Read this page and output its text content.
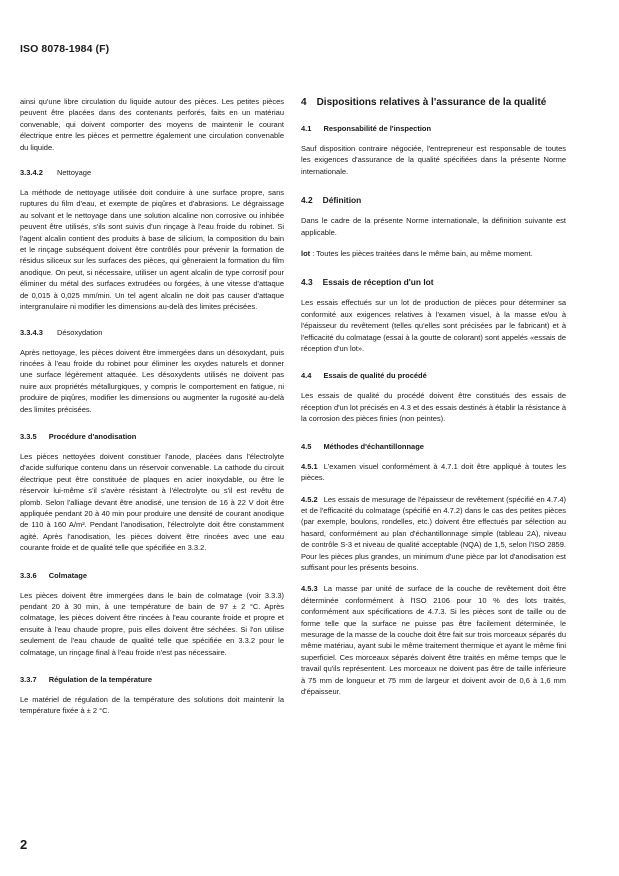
ISO 8078-1984 (F)

ainsi qu'une libre circulation du liquide autour des pièces. Les petites pièces peuvent être placées dans des contenants perforés, faits en un matériau convenable, qui doivent comporter des moyens de maintenir le courant électrique entre les pièces et permettre également une circulation convenable du liquide.

3.3.4.2 Nettoyage

La méthode de nettoyage utilisée doit conduire à une surface propre, sans ruptures du film d'eau, et exempte de piqûres et d'abrasions. Le dégraissage au solvant et le nettoyage dans une solution alcaline non corrosive ou inhibée peuvent être utilisés, s'ils sont suivis d'un rinçage à l'eau froide du robinet. Si l'agent alcalin contient des produits à base de silicium, la composition du bain et le rinçage subséquent doivent être contrôlés pour prévenir la formation de résidus siliceux sur les surfaces des pièces, qui gêneraient la formation du film anodique. On peut, si nécessaire, utiliser un agent alcalin de type corrosif pour éliminer du métal des surfaces extrudées ou forgées, à une vitesse d'attaque de 0,015 à 0,025 mm/min. Un tel agent alcalin ne doit pas causer d'attaque intergranulaire ni modifier les dimensions au-delà des limites précisées.

3.3.4.3 Désoxydation

Après nettoyage, les pièces doivent être immergées dans un désoxydant, puis rincées à l'eau froide du robinet pour éliminer les oxydes naturels et donner une surface légèrement attaquée. Les désoxydents utilisés ne doivent pas nuire aux propriétés métallurgiques, y compris le comportement en fatigue, ni produire de piqûres, modifier les dimensions ou augmenter la rugosité au-delà des limites précisées.

3.3.5 Procédure d'anodisation

Les pièces nettoyées doivent constituer l'anode, placées dans l'électrolyte d'acide sulfurique contenu dans un réservoir convenable. La cathode du circuit électrique peut être constituée de plaques en acier inoxydable, ou être le réservoir lui-même s'il s'avère résistant à l'électrolyte ou s'il est revêtu de plomb. Selon l'alliage devant être anodisé, une tension de 16 à 22 V doit être appliquée pendant 20 à 40 min pour produire une densité de courant anodique de 110 à 160 A/m². Pendant l'anodisation, l'électrolyte doit être constamment agité. Après l'anodisation, les pièces doivent être rincées avec une eau courante froide et de qualité telle que spécifiée en 3.3.2.

3.3.6 Colmatage

Les pièces doivent être immergées dans le bain de colmatage (voir 3.3.3) pendant 20 à 30 min, à une température de bain de 97 ± 2 °C. Après colmatage, les pièces doivent être rincées à l'eau courante froide et propre et ensuite à l'eau chaude propre, puis elles doivent être séchées. Si l'on utilise seulement de l'eau chaude de qualité telle que spécifiée en 3.3.2 pour le colmatage, un rinçage final à l'eau froide n'est pas nécessaire.

3.3.7 Régulation de la température

Le matériel de régulation de la température des solutions doit maintenir la température fixée à ± 2 °C.

4 Dispositions relatives à l'assurance de la qualité
4.1 Responsabilité de l'inspection

Sauf disposition contraire négociée, l'entrepreneur est responsable de toutes les exigences d'assurance de la qualité spécifiées dans la présente Norme internationale.

4.2 Définition

Dans le cadre de la présente Norme internationale, la définition suivante est applicable.

lot : Toutes les pièces traitées dans le même bain, au même moment.

4.3 Essais de réception d'un lot

Les essais effectués sur un lot de production de pièces pour déterminer sa conformité aux exigences relatives à l'examen visuel, à la masse et/ou à l'épaisseur du revêtement (telles qu'elles sont précisées par le fabricant) et à l'efficacité du colmatage (essai à la goutte de colorant) sont appelés «essais de réception d'un lot».

4.4 Essais de qualité du procédé

Les essais de qualité du procédé doivent être constitués des essais de réception d'un lot précisés en 4.3 et des essais destinés à établir la résistance à la corrosion des pièces finies (non peintes).

4.5 Méthodes d'échantillonnage

4.5.1 L'examen visuel conformément à 4.7.1 doit être appliqué à toutes les pièces.

4.5.2 Les essais de mesurage de l'épaisseur de revêtement (spécifié en 4.7.4) et de l'efficacité du colmatage (spécifié en 4.7.2) dans le cas des petites pièces (par exemple, boulons, rondelles, etc.) doivent être effectués par sélection au hasard, conformément au plan d'échantillonnage simple (tableau 2A), niveau de contrôle S-3 et niveau de qualité acceptable (NQA) de 1,5, selon l'ISO 2859. Pour les pièces plus grandes, un minimum d'une pièce par lot d'anodisation est suffisant pour les présents besoins.

4.5.3 La masse par unité de surface de la couche de revêtement doit être déterminée conformément à l'ISO 2106 pour 10 % des lots traités, conformément aux spécifications de 4.7.3. Si les pièces sont de taille ou de forme telle que la surface ne puisse pas être facilement déterminée, le mesurage de la masse de la couche doit être fait sur trois morceaux séparés du même matériau, ayant subi le même traitement thermique et ayant le même fini superficiel. Ces morceaux séparés doivent être traités en même temps que le travail qu'ils représentent. Les morceaux ne doivent pas être de taille inférieure à 75 mm de longueur et 75 mm de largeur et doivent avoir de 0,6 à 1,6 mm d'épaisseur.

2
